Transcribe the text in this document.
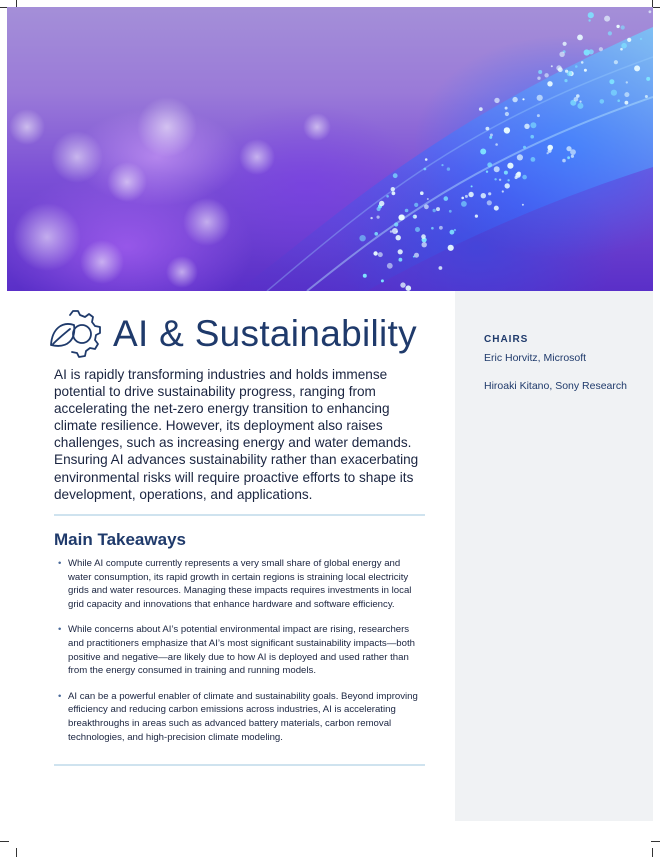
CHAIRS
Eric Horvitz, Microsoft
Hiroaki Kitano, Sony Research
AI & Sustainability

AI is rapidly transforming industries and holds immense potential to drive sustainability progress, ranging from accelerating the net-zero energy transition to enhancing climate resilience. However, its deployment also raises challenges, such as increasing energy and water demands. Ensuring AI advances sustainability rather than exacerbating environmental risks will require proactive efforts to shape its development, operations, and applications.

Main Takeaways
• While AI compute currently represents a very small share of global energy and water consumption, its rapid growth in certain regions is straining local electricity grids and water resources. Managing these impacts requires investments in local grid capacity and innovations that enhance hardware and software efficiency.
• While concerns about AI’s potential environmental impact are rising, researchers and practitioners emphasize that AI’s most significant sustainability impacts—both positive and negative—are likely due to how AI is deployed and used rather than from the energy consumed in training and running models.
• AI can be a powerful enabler of climate and sustainability goals. Beyond improving efficiency and reducing carbon emissions across industries, AI is accelerating breakthroughs in areas such as advanced battery materials, carbon removal technologies, and high-precision climate modeling.
